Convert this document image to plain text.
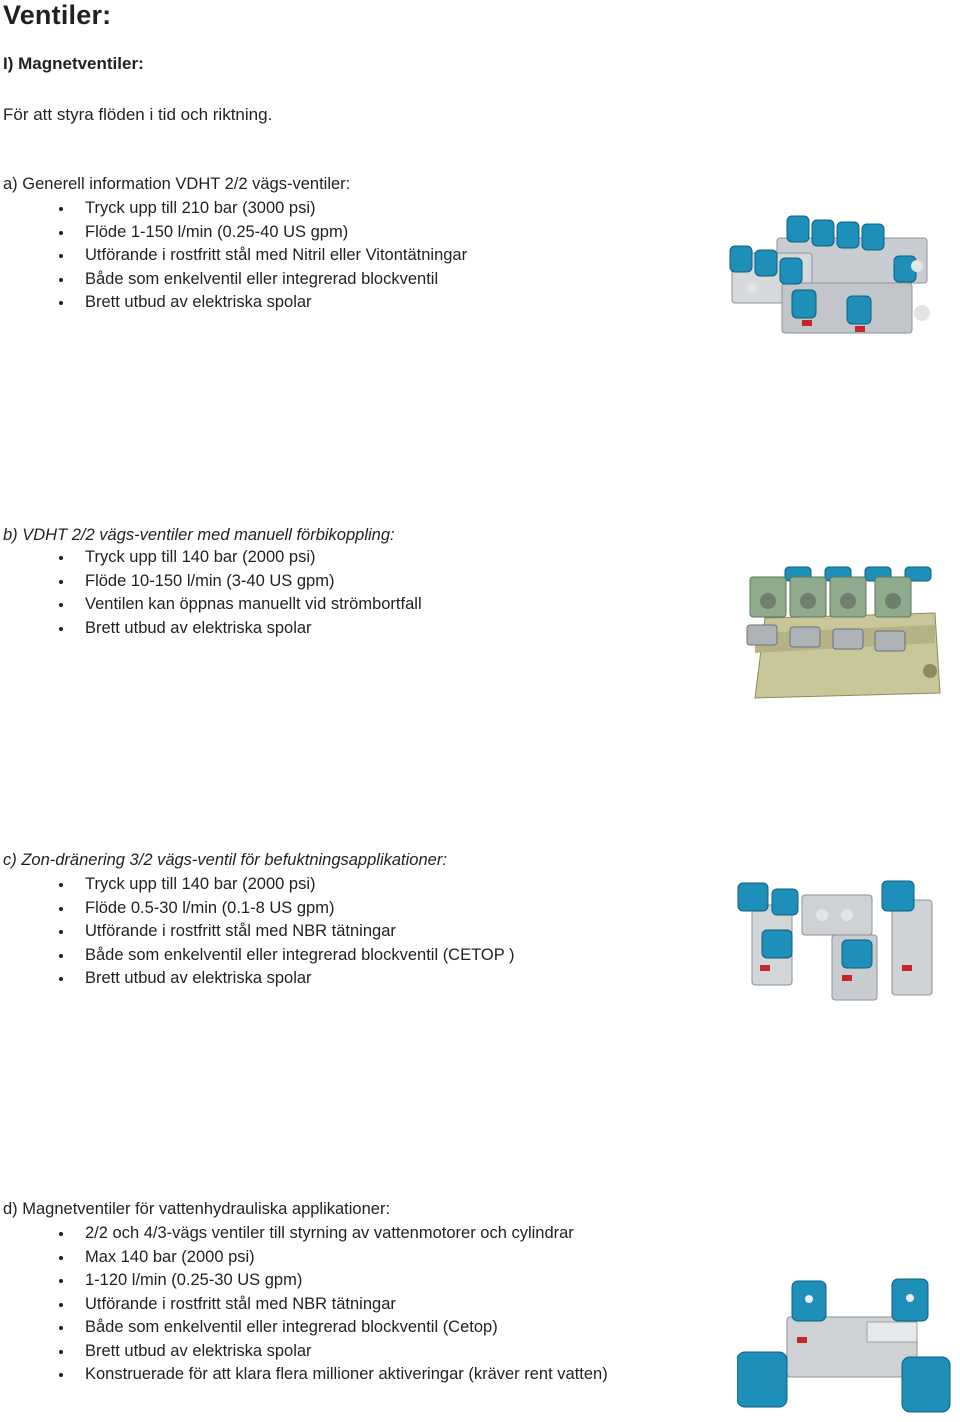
Ventiler:

I) Magnetventiler:

För att styra flöden i tid och riktning.

a) Generell information VDHT 2/2 vägs-ventiler:

Tryck upp till 210 bar (3000 psi)
Flöde 1-150 l/min (0.25-40 US gpm)
Utförande i rostfritt stål med Nitril eller Vitontätningar
Både som enkelventil eller integrerad blockventil
Brett utbud av elektriska spolar

b) VDHT 2/2 vägs-ventiler med manuell förbikoppling:

Tryck upp till 140 bar (2000 psi)
Flöde 10-150 l/min (3-40 US gpm)
Ventilen kan öppnas manuellt vid strömbortfall
Brett utbud av elektriska spolar

c) Zon-dränering 3/2 vägs-ventil för befuktningsapplikationer:

Tryck upp till 140 bar (2000 psi)
Flöde 0.5-30 l/min (0.1-8 US gpm)
Utförande i rostfritt stål med NBR tätningar
Både som enkelventil eller integrerad blockventil (CETOP )
Brett utbud av elektriska spolar

d) Magnetventiler för vattenhydrauliska applikationer:

2/2 och 4/3-vägs ventiler till styrning av vattenmotorer och cylindrar
Max 140 bar (2000 psi)
1-120 l/min (0.25-30 US gpm)
Utförande i rostfritt stål med NBR tätningar
Både som enkelventil eller integrerad blockventil (Cetop)
Brett utbud av elektriska spolar
Konstruerade för att klara flera millioner aktiveringar (kräver rent vatten)
